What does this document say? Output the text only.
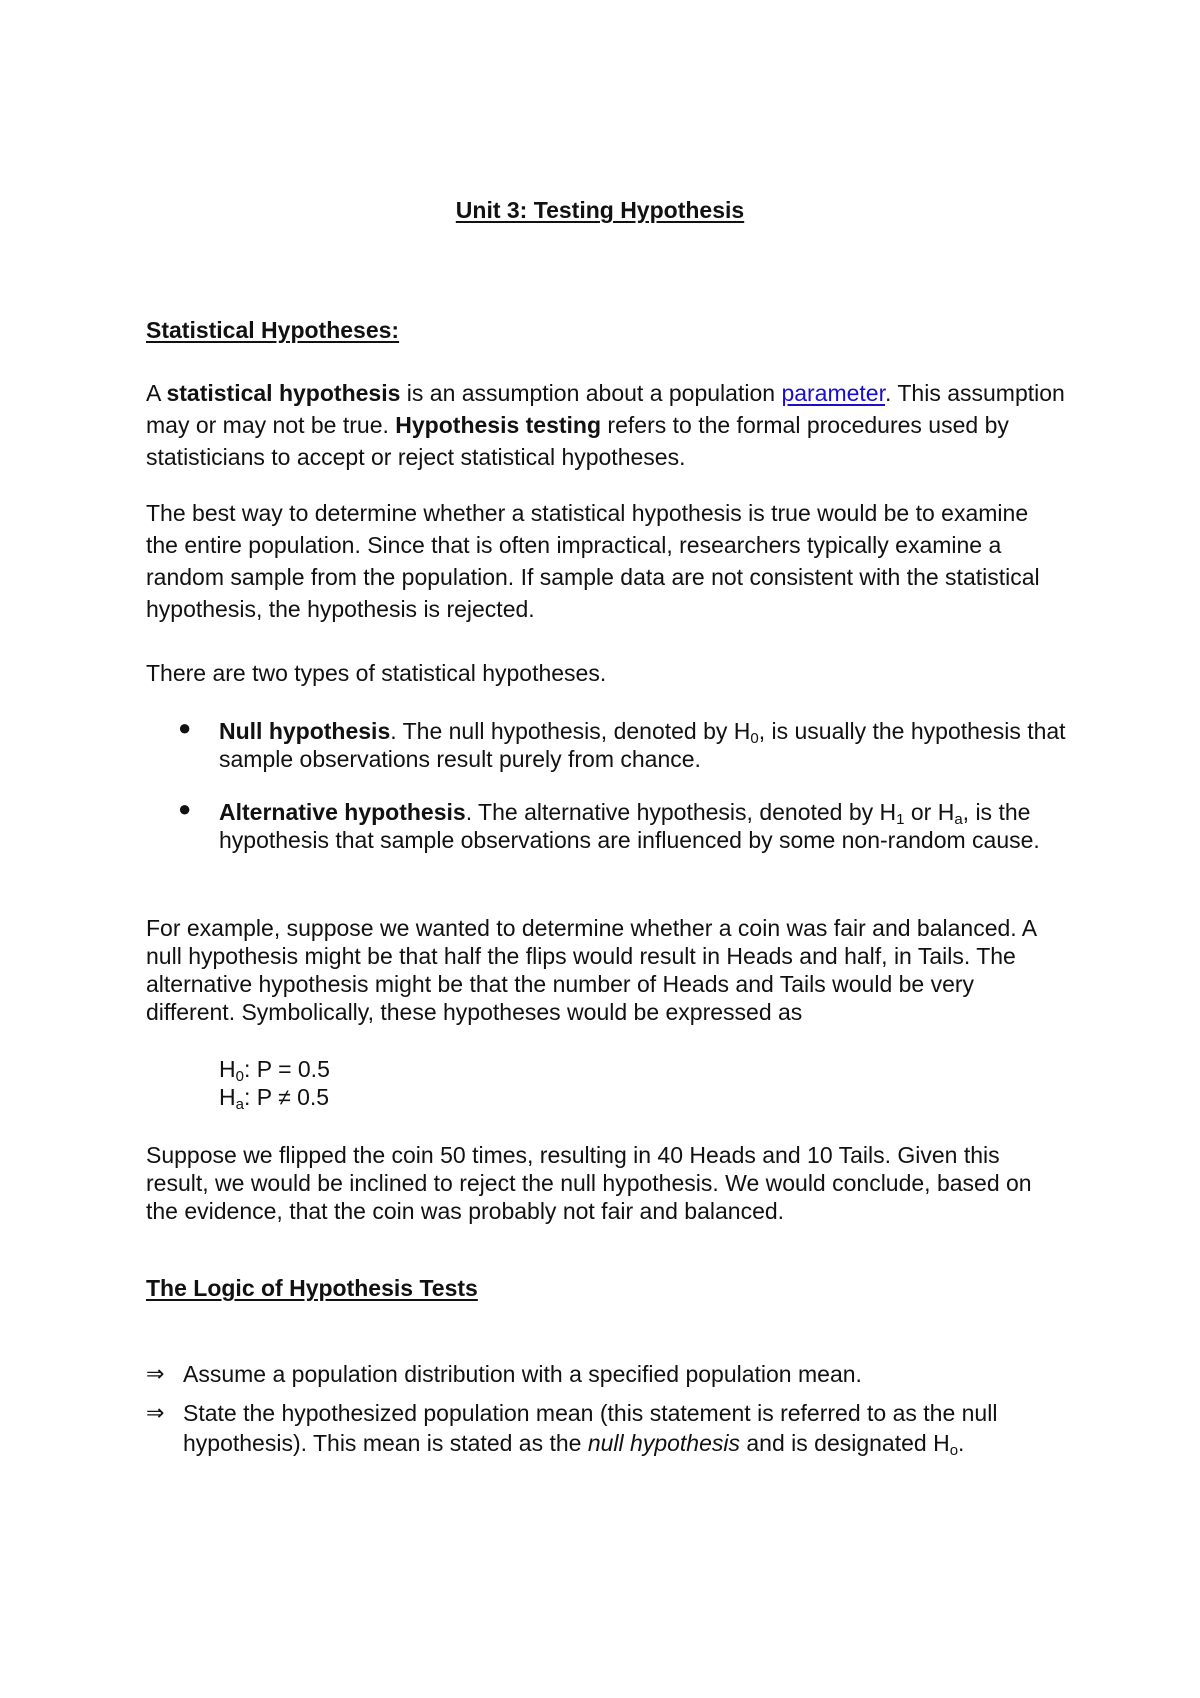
Unit 3: Testing Hypothesis
Statistical Hypotheses:
A statistical hypothesis is an assumption about a population parameter. This assumption may or may not be true. Hypothesis testing refers to the formal procedures used by statisticians to accept or reject statistical hypotheses.
The best way to determine whether a statistical hypothesis is true would be to examine the entire population. Since that is often impractical, researchers typically examine a random sample from the population. If sample data are not consistent with the statistical hypothesis, the hypothesis is rejected.
There are two types of statistical hypotheses.
● Null hypothesis. The null hypothesis, denoted by $H_0$, is usually the hypothesis that sample observations result purely from chance.
● Alternative hypothesis. The alternative hypothesis, denoted by $H_1$ or $H_a$, is the hypothesis that sample observations are influenced by some non-random cause.
For example, suppose we wanted to determine whether a coin was fair and balanced. A null hypothesis might be that half the flips would result in Heads and half, in Tails. The alternative hypothesis might be that the number of Heads and Tails would be very different. Symbolically, these hypotheses would be expressed as
$H_0$: P = 0.5
$H_a$: P ≠ 0.5
Suppose we flipped the coin 50 times, resulting in 40 Heads and 10 Tails. Given this result, we would be inclined to reject the null hypothesis. We would conclude, based on the evidence, that the coin was probably not fair and balanced.
The Logic of Hypothesis Tests
⇒ Assume a population distribution with a specified population mean.
⇒ State the hypothesized population mean (this statement is referred to as the null hypothesis). This mean is stated as the null hypothesis and is designated $H_o$.
